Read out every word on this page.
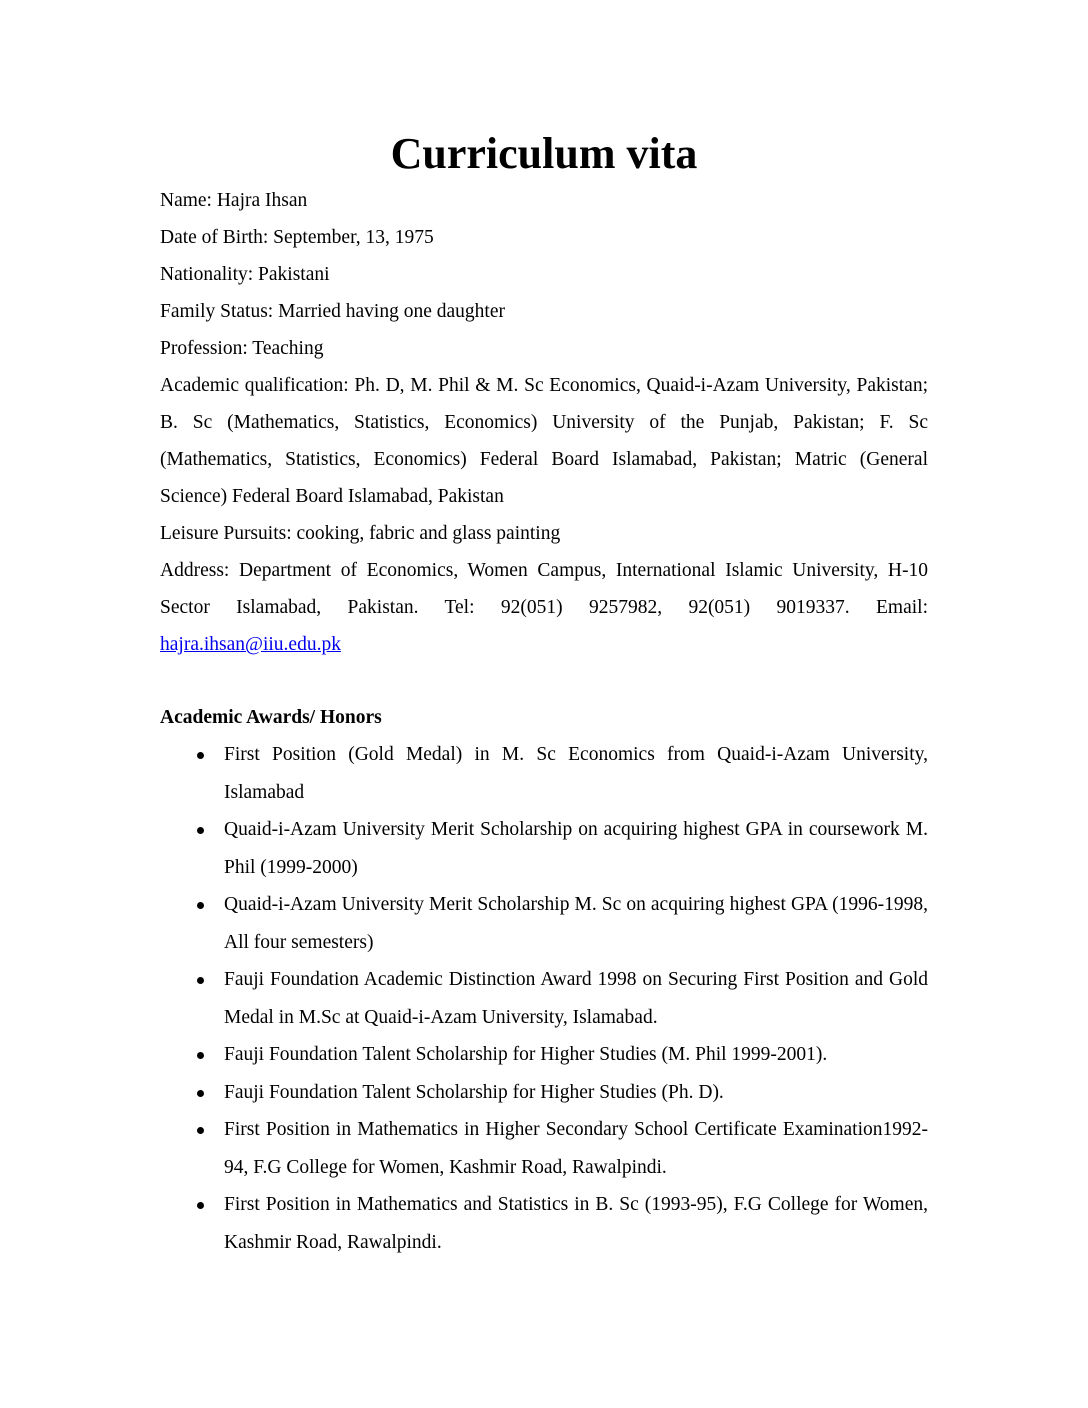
Curriculum vita

Name: Hajra Ihsan

Date of Birth: September, 13, 1975

Nationality: Pakistani

Family Status: Married having one daughter

Profession: Teaching

Academic qualification: Ph. D, M. Phil & M. Sc Economics, Quaid-i-Azam University, Pakistan; B. Sc (Mathematics, Statistics, Economics) University of the Punjab, Pakistan; F. Sc (Mathematics, Statistics, Economics) Federal Board Islamabad, Pakistan; Matric (General Science) Federal Board Islamabad, Pakistan

Leisure Pursuits: cooking, fabric and glass painting

Address: Department of Economics, Women Campus, International Islamic University, H-10 Sector Islamabad, Pakistan. Tel: 92(051) 9257982, 92(051) 9019337. Email: hajra.ihsan@iiu.edu.pk

Academic Awards/ Honors
First Position (Gold Medal) in M. Sc Economics from Quaid-i-Azam University, Islamabad
Quaid-i-Azam University Merit Scholarship on acquiring highest GPA in coursework M. Phil (1999-2000)
Quaid-i-Azam University Merit Scholarship M. Sc on acquiring highest GPA (1996-1998, All four semesters)
Fauji Foundation Academic Distinction Award 1998 on Securing First Position and Gold Medal in M.Sc at Quaid-i-Azam University, Islamabad.
Fauji Foundation Talent Scholarship for Higher Studies (M. Phil 1999-2001).
Fauji Foundation Talent Scholarship for Higher Studies (Ph. D).
First Position in Mathematics in Higher Secondary School Certificate Examination1992-94, F.G College for Women, Kashmir Road, Rawalpindi.
First Position in Mathematics and Statistics in B. Sc (1993-95), F.G College for Women, Kashmir Road, Rawalpindi.
